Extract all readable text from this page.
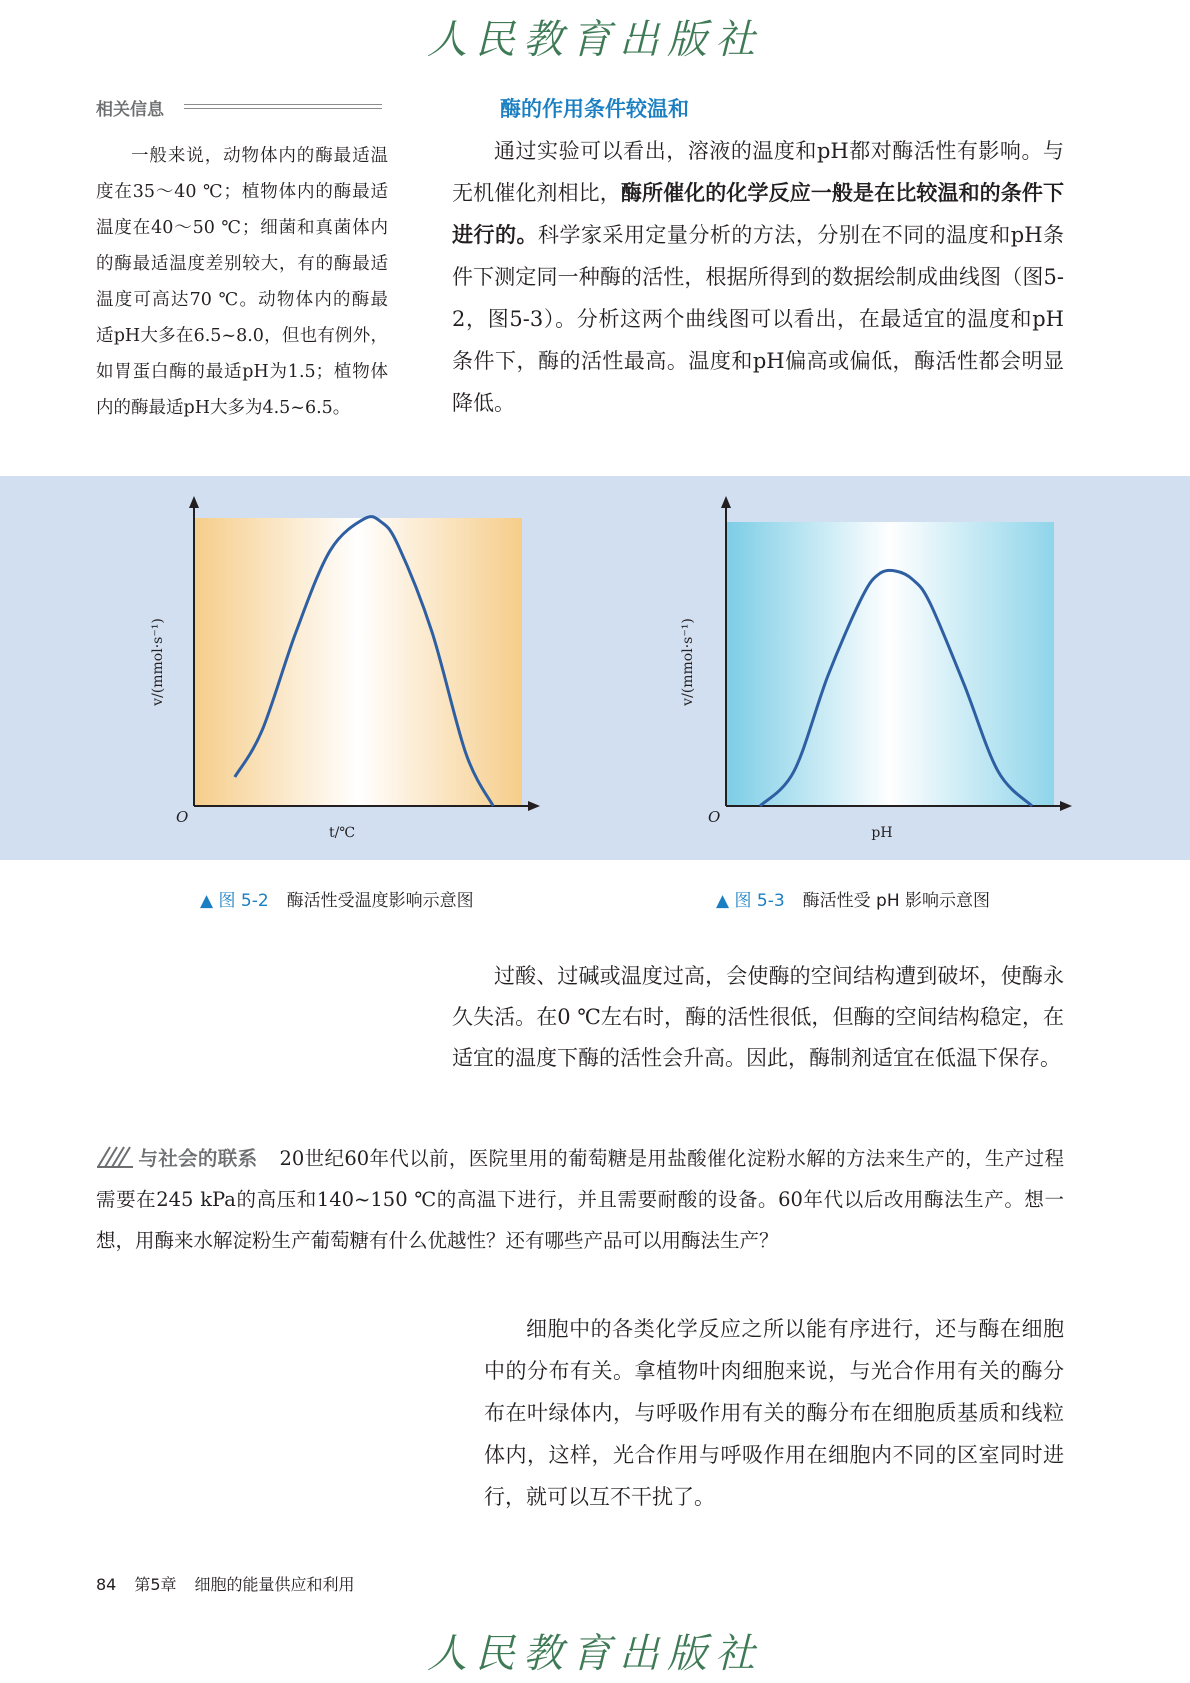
人民教育出版社
相关信息

一般来说，动物体内的酶最适温度在35～40 ℃；植物体内的酶最适温度在40～50 ℃；细菌和真菌体内的酶最适温度差别较大，有的酶最适温度可高达70 ℃。动物体内的酶最适pH大多在6.5~8.0，但也有例外，如胃蛋白酶的最适pH为1.5；植物体内的酶最适pH大多为4.5~6.5。

酶的作用条件较温和

通过实验可以看出，溶液的温度和pH都对酶活性有影响。与无机催化剂相比，酶所催化的化学反应一般是在比较温和的条件下进行的。科学家采用定量分析的方法，分别在不同的温度和pH条件下测定同一种酶的活性，根据所得到的数据绘制成曲线图（图5-2，图5-3）。分析这两个曲线图可以看出，在最适宜的温度和pH条件下，酶的活性最高。温度和pH偏高或偏低，酶活性都会明显降低。

O
t/℃
v/(mmol·s⁻¹)
O
pH
v/(mmol·s⁻¹)
▲ 图 5-2 酶活性受温度影响示意图	▲ 图 5-3 酶活性受 pH 影响示意图

过酸、过碱或温度过高，会使酶的空间结构遭到破坏，使酶永久失活。在0 ℃左右时，酶的活性很低，但酶的空间结构稳定，在适宜的温度下酶的活性会升高。因此，酶制剂适宜在低温下保存。

与社会的联系 20世纪60年代以前，医院里用的葡萄糖是用盐酸催化淀粉水解的方法来生产的，生产过程需要在245 kPa的高压和140~150 ℃的高温下进行，并且需要耐酸的设备。60年代以后改用酶法生产。想一想，用酶来水解淀粉生产葡萄糖有什么优越性？还有哪些产品可以用酶法生产？

细胞中的各类化学反应之所以能有序进行，还与酶在细胞中的分布有关。拿植物叶肉细胞来说，与光合作用有关的酶分布在叶绿体内，与呼吸作用有关的酶分布在细胞质基质和线粒体内，这样，光合作用与呼吸作用在细胞内不同的区室同时进行，就可以互不干扰了。

84 第5章 细胞的能量供应和利用
人民教育出版社
